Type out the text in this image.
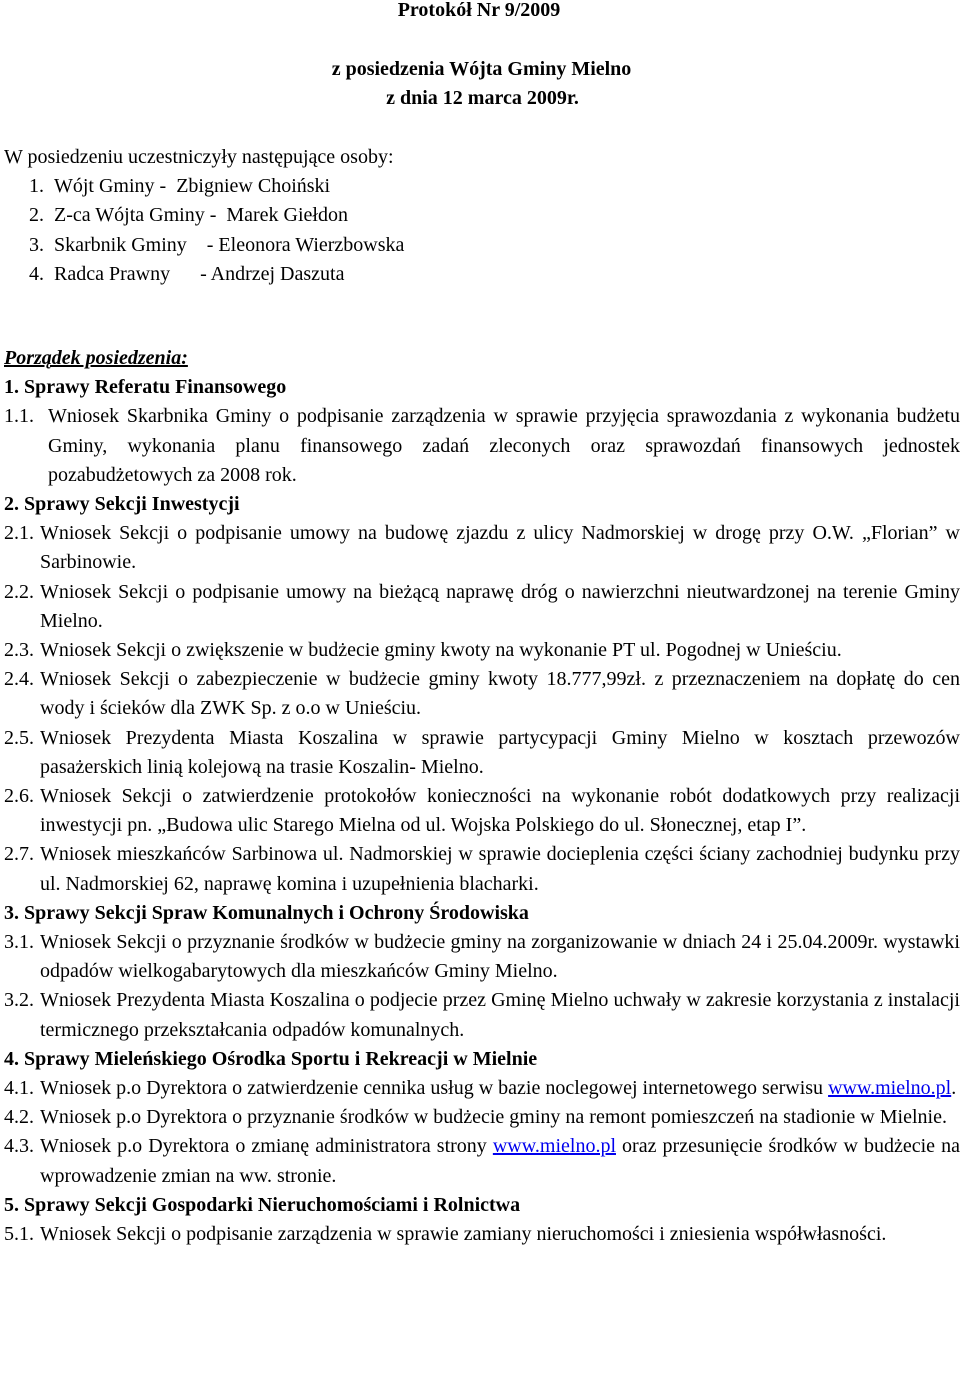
Protokół Nr 9/2009

z posiedzenia Wójta Gminy Mielno

z dnia 12 marca 2009r.

W posiedzeniu uczestniczyły następujące osoby:

1. Wójt Gminy -  Zbigniew Choiński
2. Z-ca Wójta Gminy -  Marek Giełdon
3. Skarbnik Gminy    - Eleonora Wierzbowska
4. Radca Prawny      - Andrzej Daszuta

Porządek posiedzenia:

1. Sprawy Referatu Finansowego

1.1. Wniosek Skarbnika Gminy o podpisanie zarządzenia w sprawie przyjęcia sprawozdania z wykonania budżetu Gminy, wykonania planu finansowego zadań zleconych oraz sprawozdań finansowych jednostek pozabudżetowych za 2008 rok.

2. Sprawy Sekcji Inwestycji

2.1. Wniosek Sekcji o podpisanie umowy na budowę zjazdu z ulicy Nadmorskiej w drogę przy O.W. „Florian” w Sarbinowie.
2.2. Wniosek Sekcji o podpisanie umowy na bieżącą naprawę dróg o nawierzchni nieutwardzonej na terenie Gminy Mielno.
2.3. Wniosek Sekcji o zwiększenie w budżecie gminy kwoty na wykonanie PT ul. Pogodnej w Unieściu.
2.4. Wniosek Sekcji o zabezpieczenie w budżecie gminy kwoty 18.777,99zł. z przeznaczeniem na dopłatę do cen wody i ścieków dla ZWK Sp. z o.o w Unieściu.
2.5. Wniosek Prezydenta Miasta Koszalina w sprawie partycypacji Gminy Mielno w kosztach przewozów pasażerskich linią kolejową na trasie Koszalin- Mielno.
2.6. Wniosek Sekcji o zatwierdzenie protokołów konieczności na wykonanie robót dodatkowych przy realizacji inwestycji pn. „Budowa ulic Starego Mielna od ul. Wojska Polskiego do ul. Słonecznej, etap I”.
2.7. Wniosek mieszkańców Sarbinowa ul. Nadmorskiej w sprawie docieplenia części ściany zachodniej budynku przy ul. Nadmorskiej 62, naprawę komina i uzupełnienia blacharki.

3. Sprawy Sekcji Spraw Komunalnych i Ochrony Środowiska

3.1. Wniosek Sekcji o przyznanie środków w budżecie gminy na zorganizowanie w dniach 24 i 25.04.2009r. wystawki odpadów wielkogabarytowych dla mieszkańców Gminy Mielno.
3.2. Wniosek Prezydenta Miasta Koszalina o podjecie przez Gminę Mielno uchwały w zakresie korzystania z instalacji termicznego przekształcania odpadów komunalnych.

4. Sprawy Mieleńskiego Ośrodka Sportu i Rekreacji w Mielnie

4.1. Wniosek p.o Dyrektora o zatwierdzenie cennika usług w bazie noclegowej internetowego serwisu www.mielno.pl.
4.2. Wniosek p.o Dyrektora o przyznanie środków w budżecie gminy na remont pomieszczeń na stadionie w Mielnie.
4.3. Wniosek p.o Dyrektora o zmianę administratora strony www.mielno.pl oraz przesunięcie środków w budżecie na wprowadzenie zmian na ww. stronie.

5. Sprawy Sekcji Gospodarki Nieruchomościami i Rolnictwa

5.1. Wniosek Sekcji o podpisanie zarządzenia w sprawie zamiany nieruchomości i zniesienia współwłasności.
